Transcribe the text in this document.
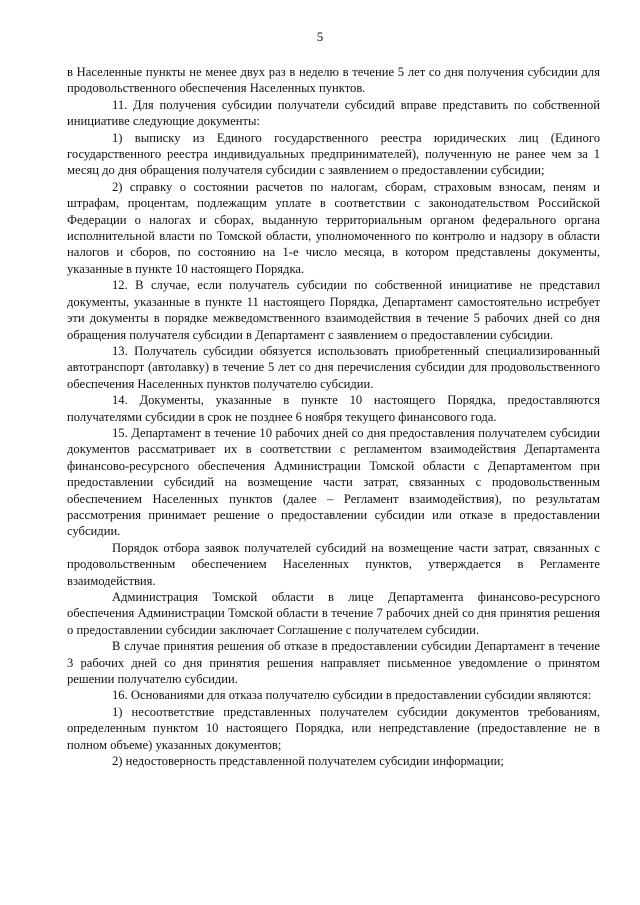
5

в Населенные пункты не менее двух раз в неделю в течение 5 лет со дня получения субсидии для продовольственного обеспечения Населенных пунктов.

11. Для получения субсидии получатели субсидий вправе представить по собственной инициативе следующие документы:

1) выписку из Единого государственного реестра юридических лиц (Единого государственного реестра индивидуальных предпринимателей), полученную не ранее чем за 1 месяц до дня обращения получателя субсидии с заявлением о предоставлении субсидии;

2) справку о состоянии расчетов по налогам, сборам, страховым взносам, пеням и штрафам, процентам, подлежащим уплате в соответствии с законодательством Российской Федерации о налогах и сборах, выданную территориальным органом федерального органа исполнительной власти по Томской области, уполномоченного по контролю и надзору в области налогов и сборов, по состоянию на 1-е число месяца, в котором представлены документы, указанные в пункте 10 настоящего Порядка.

12. В случае, если получатель субсидии по собственной инициативе не представил документы, указанные в пункте 11 настоящего Порядка, Департамент самостоятельно истребует эти документы в порядке межведомственного взаимодействия в течение 5 рабочих дней со дня обращения получателя субсидии в Департамент с заявлением о предоставлении субсидии.

13. Получатель субсидии обязуется использовать приобретенный специализированный автотранспорт (автолавку) в течение 5 лет со дня перечисления субсидии для продовольственного обеспечения Населенных пунктов получателю субсидии.

14. Документы, указанные в пункте 10 настоящего Порядка, предоставляются получателями субсидии в срок не позднее 6 ноября текущего финансового года.

15. Департамент в течение 10 рабочих дней со дня предоставления получателем субсидии документов рассматривает их в соответствии с регламентом взаимодействия Департамента финансово-ресурсного обеспечения Администрации Томской области с Департаментом при предоставлении субсидий на возмещение части затрат, связанных с продовольственным обеспечением Населенных пунктов (далее – Регламент взаимодействия), по результатам рассмотрения принимает решение о предоставлении субсидии или отказе в предоставлении субсидии.

Порядок отбора заявок получателей субсидий на возмещение части затрат, связанных с продовольственным обеспечением Населенных пунктов, утверждается в Регламенте взаимодействия.

Администрация Томской области в лице Департамента финансово-ресурсного обеспечения Администрации Томской области в течение 7 рабочих дней со дня принятия решения о предоставлении субсидии заключает Соглашение с получателем субсидии.

В случае принятия решения об отказе в предоставлении субсидии Департамент в течение 3 рабочих дней со дня принятия решения направляет письменное уведомление о принятом решении получателю субсидии.

16. Основаниями для отказа получателю субсидии в предоставлении субсидии являются:

1) несоответствие представленных получателем субсидии документов требованиям, определенным пунктом 10 настоящего Порядка, или непредставление (предоставление не в полном объеме) указанных документов;

2) недостоверность представленной получателем субсидии информации;
